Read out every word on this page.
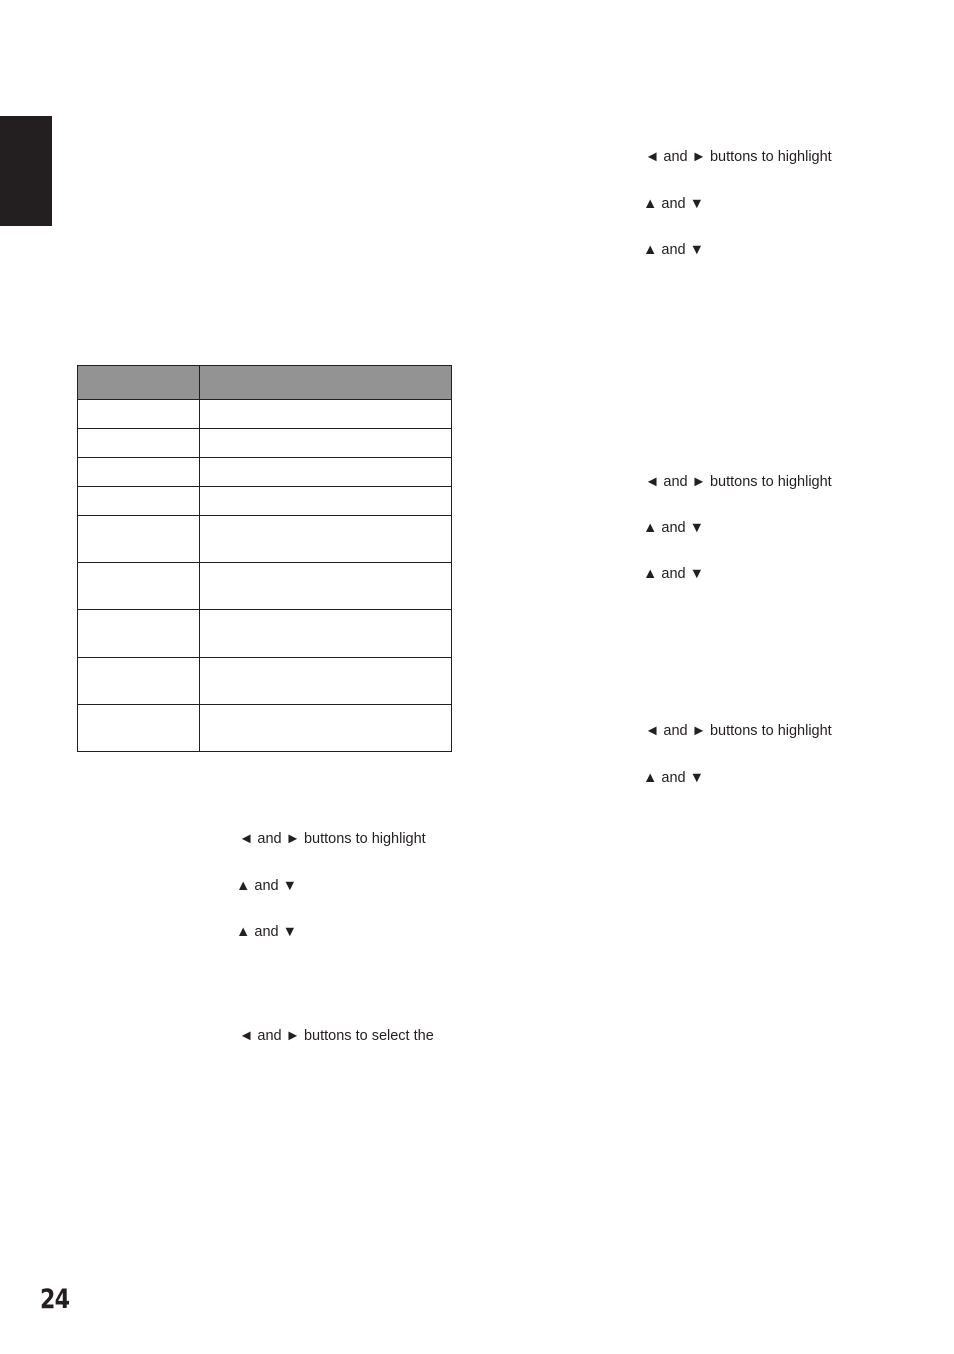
◄ and ► buttons to highlight
▲ and ▼
▲ and ▼
◄ and ► buttons to highlight
▲ and ▼
▲ and ▼
◄ and ► buttons to highlight
▲ and ▼
◄ and ► buttons to highlight
▲ and ▼
▲ and ▼
◄ and ► buttons to select the
24
